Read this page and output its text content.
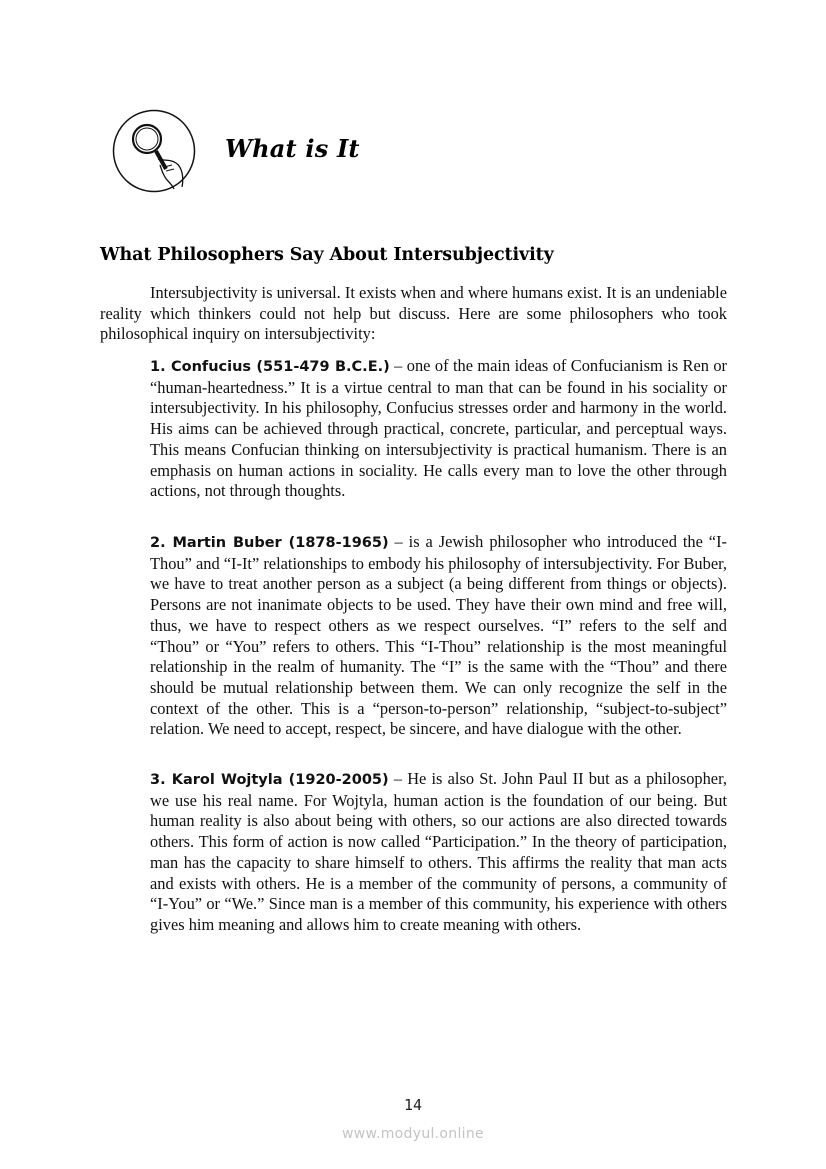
What is It
What Philosophers Say About Intersubjectivity

Intersubjectivity is universal. It exists when and where humans exist. It is an undeniable reality which thinkers could not help but discuss. Here are some philosophers who took philosophical inquiry on intersubjectivity:

1. Confucius (551-479 B.C.E.) – one of the main ideas of Confucianism is Ren or “human-heartedness.” It is a virtue central to man that can be found in his sociality or intersubjectivity. In his philosophy, Confucius stresses order and harmony in the world. His aims can be achieved through practical, concrete, particular, and perceptual ways. This means Confucian thinking on intersubjectivity is practical humanism. There is an emphasis on human actions in sociality. He calls every man to love the other through actions, not through thoughts.

2. Martin Buber (1878-1965) – is a Jewish philosopher who introduced the “I-Thou” and “I-It” relationships to embody his philosophy of intersubjectivity. For Buber, we have to treat another person as a subject (a being different from things or objects). Persons are not inanimate objects to be used. They have their own mind and free will, thus, we have to respect others as we respect ourselves. “I” refers to the self and “Thou” or “You” refers to others. This “I-Thou” relationship is the most meaningful relationship in the realm of humanity. The “I” is the same with the “Thou” and there should be mutual relationship between them. We can only recognize the self in the context of the other. This is a “person-to-person” relationship, “subject-to-subject” relation. We need to accept, respect, be sincere, and have dialogue with the other.

3. Karol Wojtyla (1920-2005) – He is also St. John Paul II but as a philosopher, we use his real name. For Wojtyla, human action is the foundation of our being. But human reality is also about being with others, so our actions are also directed towards others. This form of action is now called “Participation.” In the theory of participation, man has the capacity to share himself to others. This affirms the reality that man acts and exists with others. He is a member of the community of persons, a community of “I-You” or “We.” Since man is a member of this community, his experience with others gives him meaning and allows him to create meaning with others.

14
www.modyul.online
